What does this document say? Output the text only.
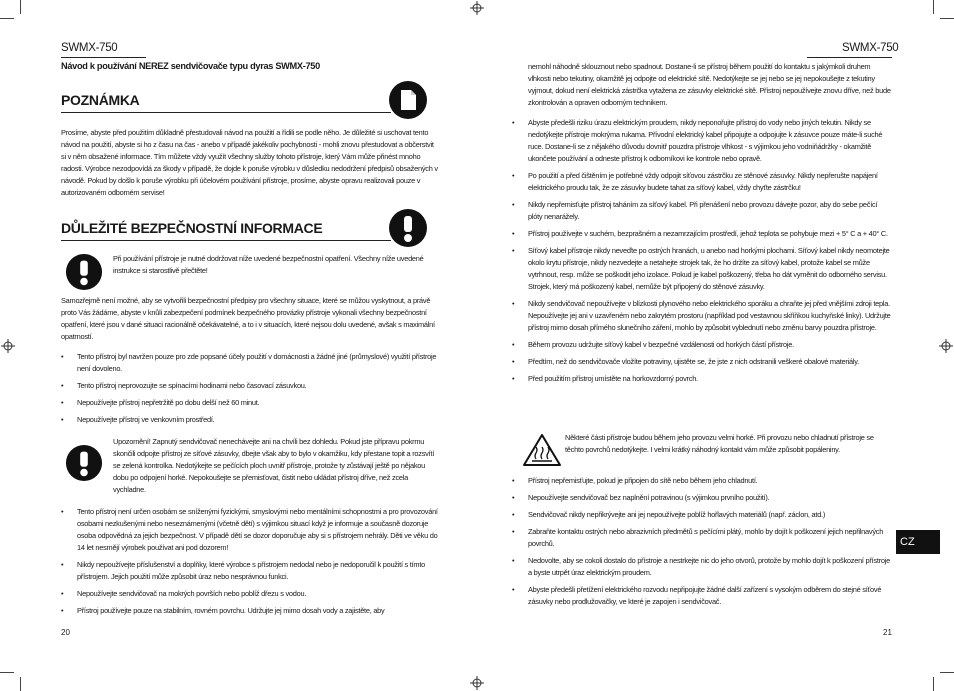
SWMX-750
Návod k používání NEREZ sendvičovače typu dyras SWMX-750
POZNÁMKA

Prosíme, abyste před použitím důkladně přestudovali návod na použití a řídili se podle něho. Je důležité si uschovat tento návod na použití, abyste si ho z času na čas - anebo v případě jakékoliv pochybnosti - mohli znovu přestudovat a občerstvit si v něm obsažené informace. Tím můžete vždy využít všechny služby tohoto přístroje, který Vám může přinést mnoho radosti. Výrobce nezodpovídá za škody v případě, že dojde k poruše výrobku v důsledku nedodržení předpisů obsažených v návodě. Pokud by došlo k poruše výrobku při účelovém používání přístroje, prosíme, abyste opravu realizovali pouze v autorizovaném odborném servise!

DŮLEŽITÉ BEZPEČNOSTNÍ INFORMACE

Při používání přístroje je nutné dodržovat níže uvedené bezpečnostní opatření. Všechny níže uvedené instrukce si starostlivě přečtěte!

Samozřejmě není možné, aby se vytvořili bezpečnostní předpisy pro všechny situace, které se můžou vyskytnout, a právě proto Vás žádáme, abyste v knůli zabezpečení podmínek bezpečného provázky přístroje vykonali všechny bezpečnostní opatření, které jsou v dané situaci racionálně očekávatelné, a to i v situacích, které nejsou dolu uvedené, avšak s maximální opatrností.

• Tento přístroj byl navržen pouze pro zde popsané účely použití v domácnosti a žádné jiné (průmyslové) využití přístroje není dovoleno.
• Tento přístroj neprovozujte se spínacími hodinami nebo časovací zásuvkou.
• Nepoužívejte přístroj nepřetržitě po dobu delší než 60 minut.
• Nepoužívejte přístroj ve venkovním prostředí.

Upozornění! Zapnutý sendvičovač nenechávejte ani na chvíli bez dohledu. Pokud jste přípravu pokrmu skončili odpojte přístroj ze síťové zásuvky, dbejte však aby to bylo v okamžiku, kdy přestane topit a rozsvítí se zelená kontrolka. Nedotýkejte se pečících ploch uvnitř přístroje, protože ty zůstávají ještě po nějakou dobu po odpojení horké. Nepokoušejte se přemisťovat, čistit nebo ukládat přístroj dříve, než zcela vychladne.

• Tento přístroj není určen osobám se sníženými fyzickými, smyslovými nebo mentálními schopnostmi a pro provozování osobami nezkušenými nebo neseznámenými (včetně dětí) s výjimkou situací když je informuje a současně dozoruje osoba odpovědná za jejich bezpečnost. V případě dětí se dozor doporučuje aby si s přístrojem nehrály. Děti ve věku do 14 let nesmějí výrobek používat ani pod dozorem!
• Nikdy nepoužívejte příslušenství a doplňky, které výrobce s přístrojem nedodal nebo je nedoporučil k použití s tímto přístrojem. Jejich použití může způsobit úraz nebo nesprávnou funkci.
• Nepoužívejte sendvičovač na mokrých površích nebo poblíž dřezu s vodou.
• Přístroj používejte pouze na stabilním, rovném povrchu. Udržujte jej mimo dosah vody a zajistěte, aby
20
SWMX-750

nemohl náhodně sklouznout nebo spadnout. Dostane-li se přístroj během použití do kontaktu s jakýmkoli druhem vlhkosti nebo tekutiny, okamžitě jej odpojte od elektrické sítě. Nedotýkejte se jej nebo se jej nepokoušejte z tekutiny vyjmout, dokud není elektrická zástrčka vytažena ze zásuvky elektrické sítě. Přístroj nepoužívejte znovu dříve, než bude zkontrolován a opraven odborným technikem.

• Abyste předešli riziku úrazu elektrickým proudem, nikdy neponořujte přístroj do vody nebo jiných tekutin. Nikdy se nedotýkejte přístroje mokrýma rukama. Přívodní elektrický kabel připojujte a odpojujte k zásuvce pouze máte-li suché ruce. Dostane-li se z nějakého důvodu dovnitř pouzdra přístroje vlhkost - s výjimkou jeho vodniňádržky - okamžitě ukončete používání a odneste přístroj k odborníkovi ke kontrole nebo opravě.
• Po použití a před čištěním je potřebné vždy odpojit síťovou zástrčku ze stěnové zásuvky. Nikdy nepřerušte napájení elektrického proudu tak, že ze zásuvky budete tahat za síťový kabel, vždy chyťte zástrčku!
• Nikdy nepřemisťujte přístroj taháním za síťový kabel. Při přenášení nebo provozu dávejte pozor, aby do sebe pečící plóty nenarážely.
• Přístroj používejte v suchém, bezprašném a nezamrzajícím prostředí, jehož teplota se pohybuje mezi + 5° C a + 40° C.
• Síťový kabel přístroje nikdy neveďte po ostrých hranách, u anebo nad horkými plochami. Síťový kabel nikdy neomotejte okolo krytu přístroje, nikdy nezvedejte a netahejte strojek tak, že ho držíte za síťový kabel, protože kabel se může vytrhnout, resp. může se poškodit jeho izolace. Pokud je kabel poškozený, třeba ho dát vyměnit do odborného servisu. Strojek, který má poškozený kabel, nemůže být připojený do stěnové zásuvky.
• Nikdy sendvičovač nepoužívejte v blízkosti plynového nebo elektrického sporáku a chraňte jej před vnějšími zdroji tepla. Nepoužívejte jej ani v uzavřeném nebo zakrytém prostoru (například pod vestavnou skříňkou kuchyňské linky). Udržujte přístroj mimo dosah přímého slunečního záření, mohlo by způsobit vyblednutí nebo změnu barvy pouzdra přístroje.
• Během provozu udržujte síťový kabel v bezpečné vzdálenosti od horkých částí přístroje.
• Předtím, než do sendvičovače vložíte potraviny, ujistěte se, že jste z nich odstranili veškeré obalové materiály.
• Před použitím přístroj umístěte na horkovzdorný povrch.

Některé části přístroje budou během jeho provozu velmi horké. Při provozu nebo chladnutí přístroje se těchto povrchů nedotýkejte. I velmi krátký náhodný kontakt vám může způsobit popáleniny.

• Přístroj nepřemisťujte, pokud je připojen do sítě nebo během jeho chladnutí.
• Nepoužívejte sendvičovač bez naplnění potravinou (s výjimkou prvního použití).
• Sendvičovač nikdy nepřikrývejte ani jej nepoužívejte poblíž hořlavých materiálů (např. záclon, atd.)
• Zabraňte kontaktu ostrých nebo abrazivních předmětů s pečícími plátý, mohlo by dojít k poškození jejich nepřilnavých povrchů.
• Nedovolte, aby se cokoli dostalo do přístroje a nestrkejte nic do jeho otvorů, protože by mohlo dojít k poškození přístroje a byste utrpět úraz elektrickým proudem.
• Abyste předešli přetížení elektrického rozvodu nepřipojujte žádné další zařízení s vysokým odběrem do stejné síťové zásuvky nebo prodlužovačky, ve které je zapojen i sendvičovač.
21
CZ
